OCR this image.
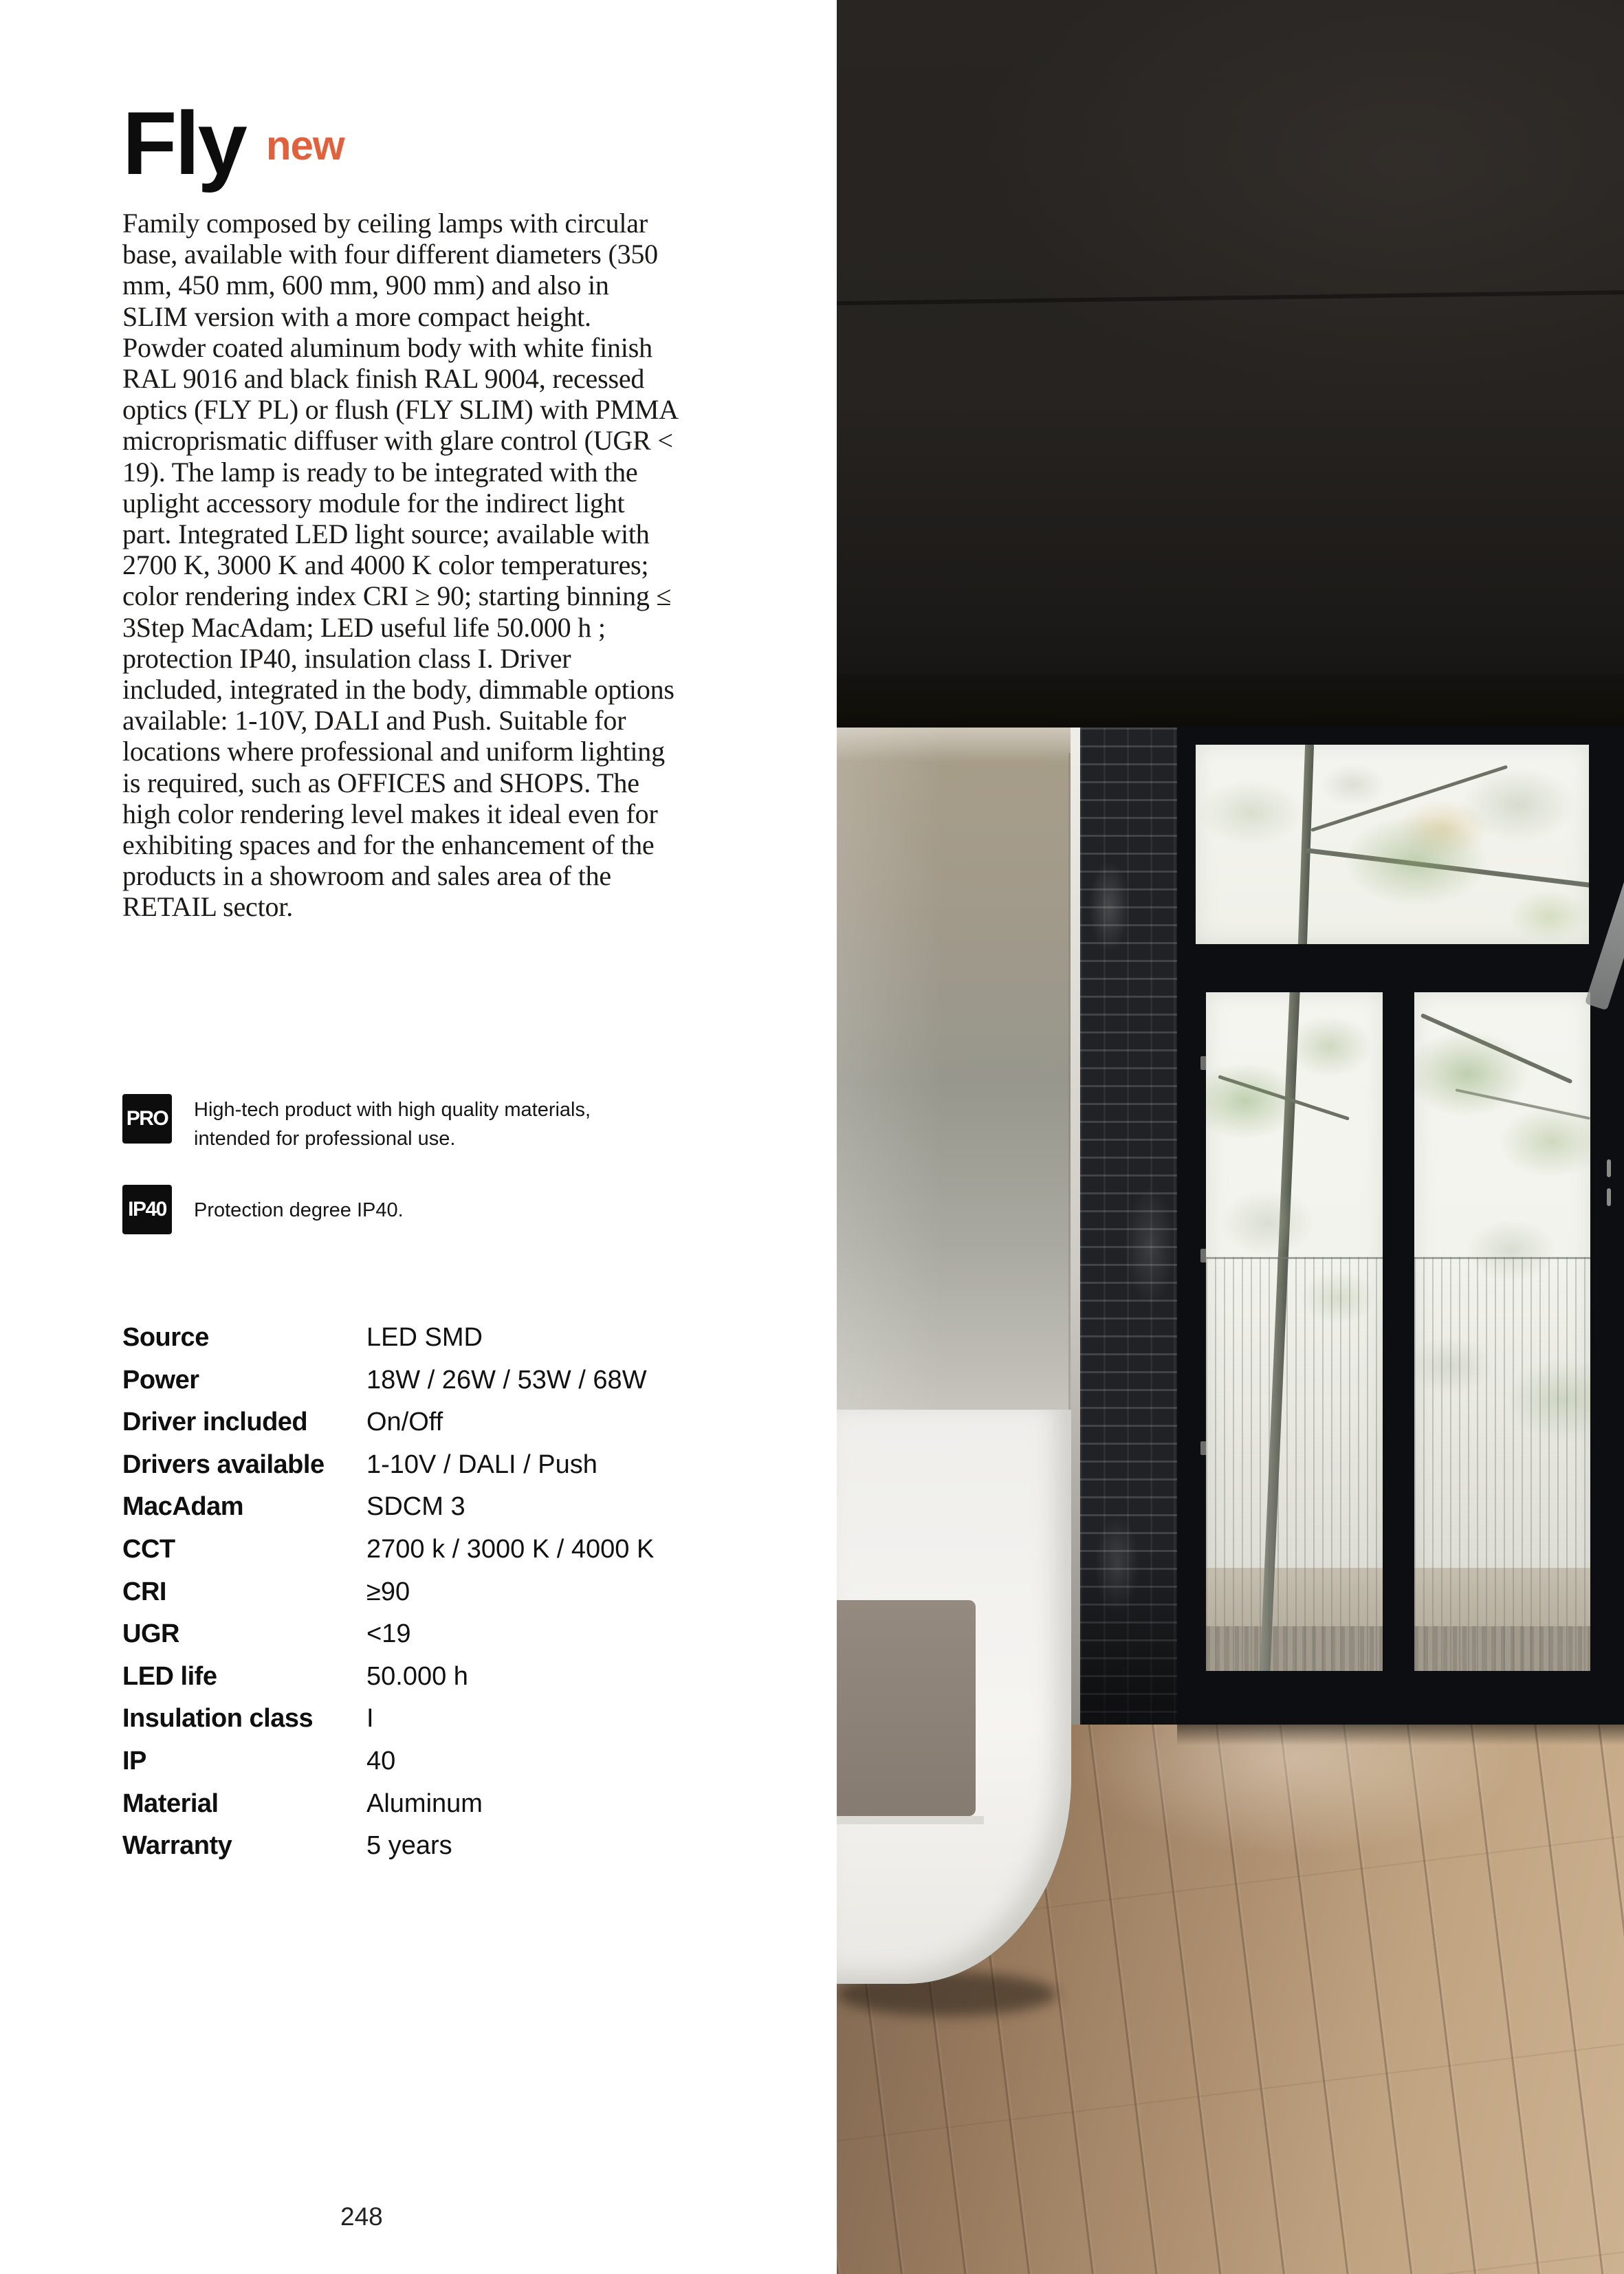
Fly new

Family composed by ceiling lamps with circular base, available with four different diameters (350 mm, 450 mm, 600 mm, 900 mm) and also in SLIM version with a more compact height. Powder coated aluminum body with white finish RAL 9016 and black finish RAL 9004, recessed optics (FLY PL) or flush (FLY SLIM) with PMMA microprismatic diffuser with glare control (UGR < 19). The lamp is ready to be integrated with the uplight accessory module for the indirect light part. Integrated LED light source; available with 2700 K, 3000 K and 4000 K color temperatures; color rendering index CRI ≥ 90; starting binning ≤ 3Step MacAdam; LED useful life 50.000 h ; protection IP40, insulation class I. Driver included, integrated in the body, dimmable options available: 1-10V, DALI and Push. Suitable for locations where professional and uniform lighting is required, such as OFFICES and SHOPS. The high color rendering level makes it ideal even for exhibiting spaces and for the enhancement of the products in a showroom and sales area of the RETAIL sector.

PRO High-tech product with high quality materials, intended for professional use.
IP40 Protection degree IP40.
Source	LED SMD
Power	18W / 26W / 53W / 68W
Driver included	On/Off
Drivers available	1-10V / DALI / Push
MacAdam	SDCM 3
CCT	2700 k / 3000 K / 4000 K
CRI	≥90
UGR	<19
LED life	50.000 h
Insulation class	I
IP	40
Material	Aluminum
Warranty	5 years
248
